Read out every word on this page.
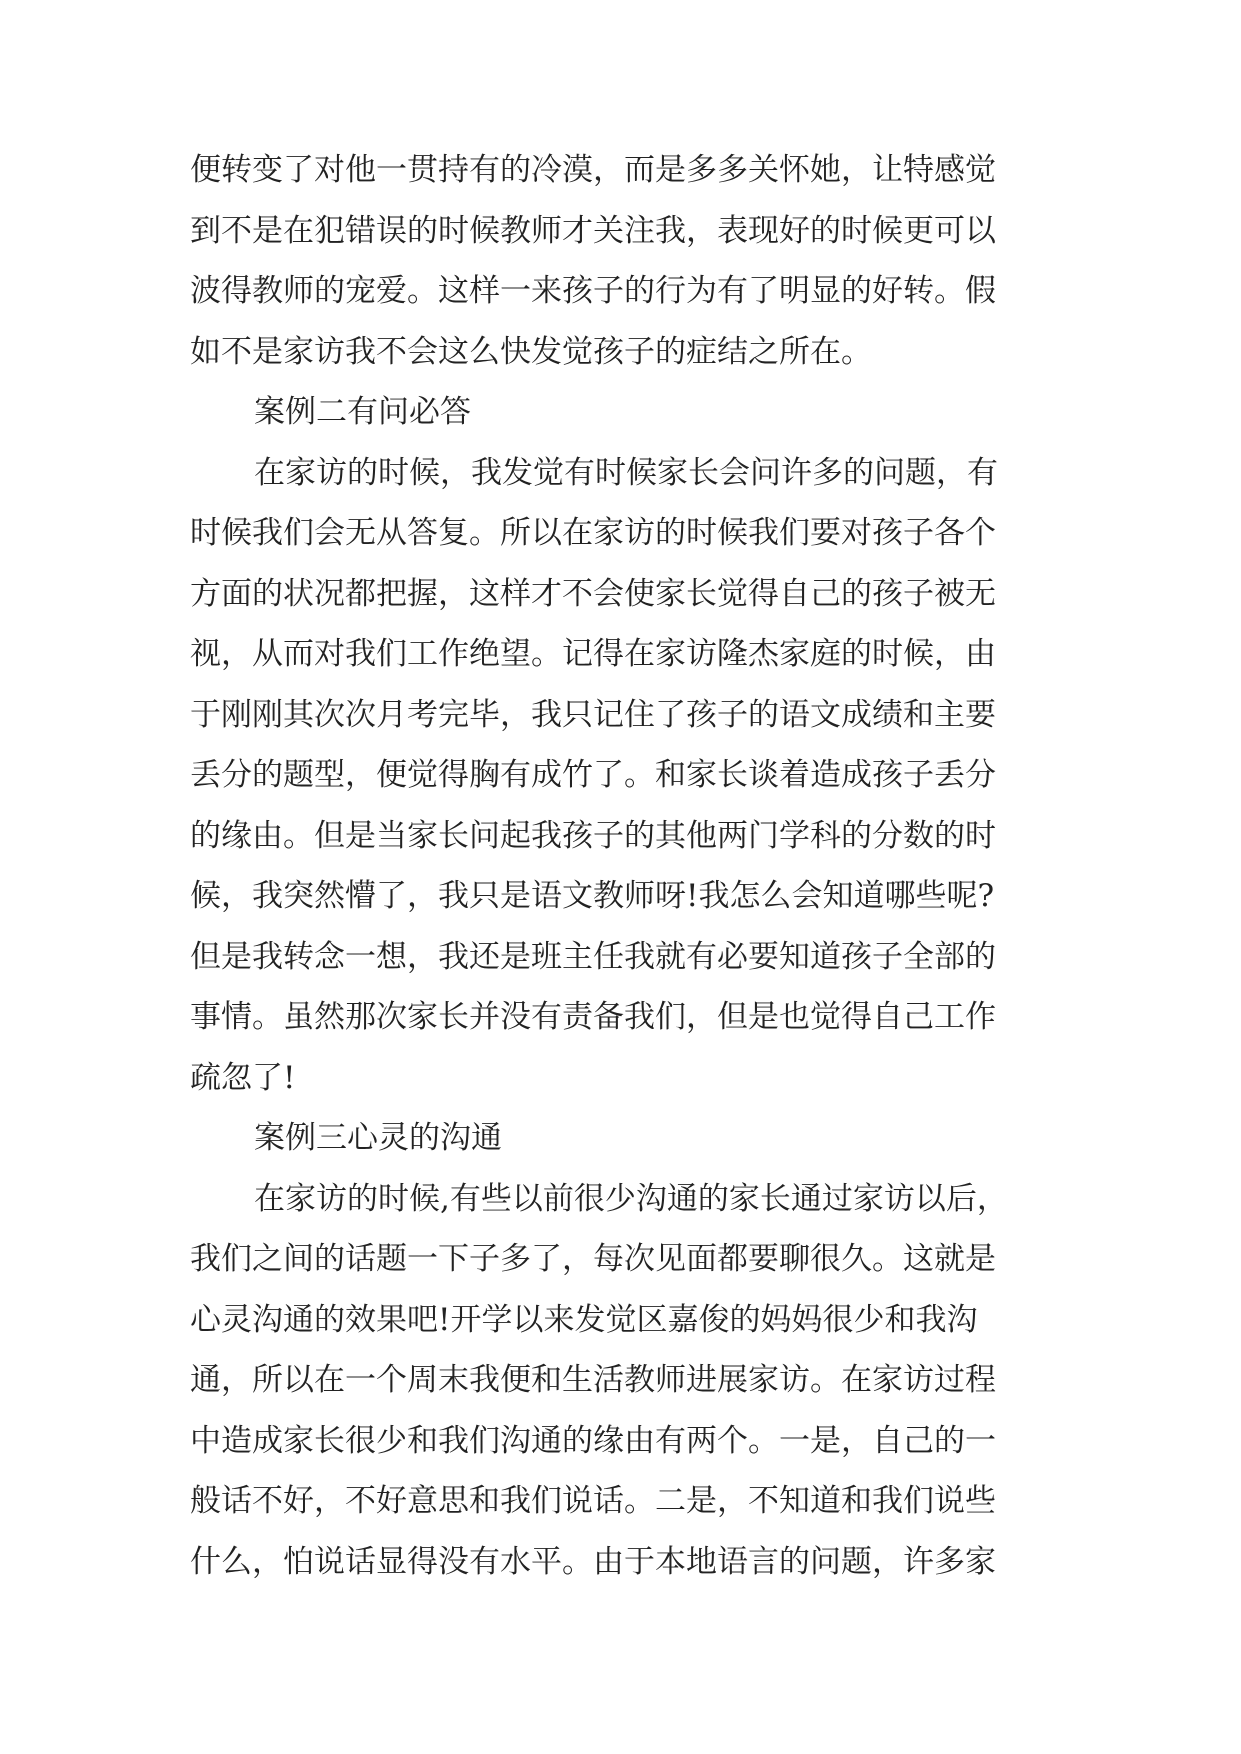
便转变了对他一贯持有的冷漠，而是多多关怀她，让特感觉
到不是在犯错误的时候教师才关注我，表现好的时候更可以
波得教师的宠爱。这样一来孩子的行为有了明显的好转。假
如不是家访我不会这么快发觉孩子的症结之所在。
案例二有问必答
在家访的时候，我发觉有时候家长会问许多的问题，有
时候我们会无从答复。所以在家访的时候我们要对孩子各个
方面的状况都把握，这样才不会使家长觉得自己的孩子被无
视，从而对我们工作绝望。记得在家访隆杰家庭的时候，由
于刚刚其次次月考完毕，我只记住了孩子的语文成绩和主要
丢分的题型，便觉得胸有成竹了。和家长谈着造成孩子丢分
的缘由。但是当家长问起我孩子的其他两门学科的分数的时
候，我突然懵了，我只是语文教师呀!我怎么会知道哪些呢?
但是我转念一想，我还是班主任我就有必要知道孩子全部的
事情。虽然那次家长并没有责备我们，但是也觉得自己工作
疏忽了!
案例三心灵的沟通
在家访的时候,有些以前很少沟通的家长通过家访以后，
我们之间的话题一下子多了，每次见面都要聊很久。这就是
心灵沟通的效果吧!开学以来发觉区嘉俊的妈妈很少和我沟
通，所以在一个周末我便和生活教师进展家访。在家访过程
中造成家长很少和我们沟通的缘由有两个。一是，自己的一
般话不好，不好意思和我们说话。二是，不知道和我们说些
什么，怕说话显得没有水平。由于本地语言的问题，许多家
